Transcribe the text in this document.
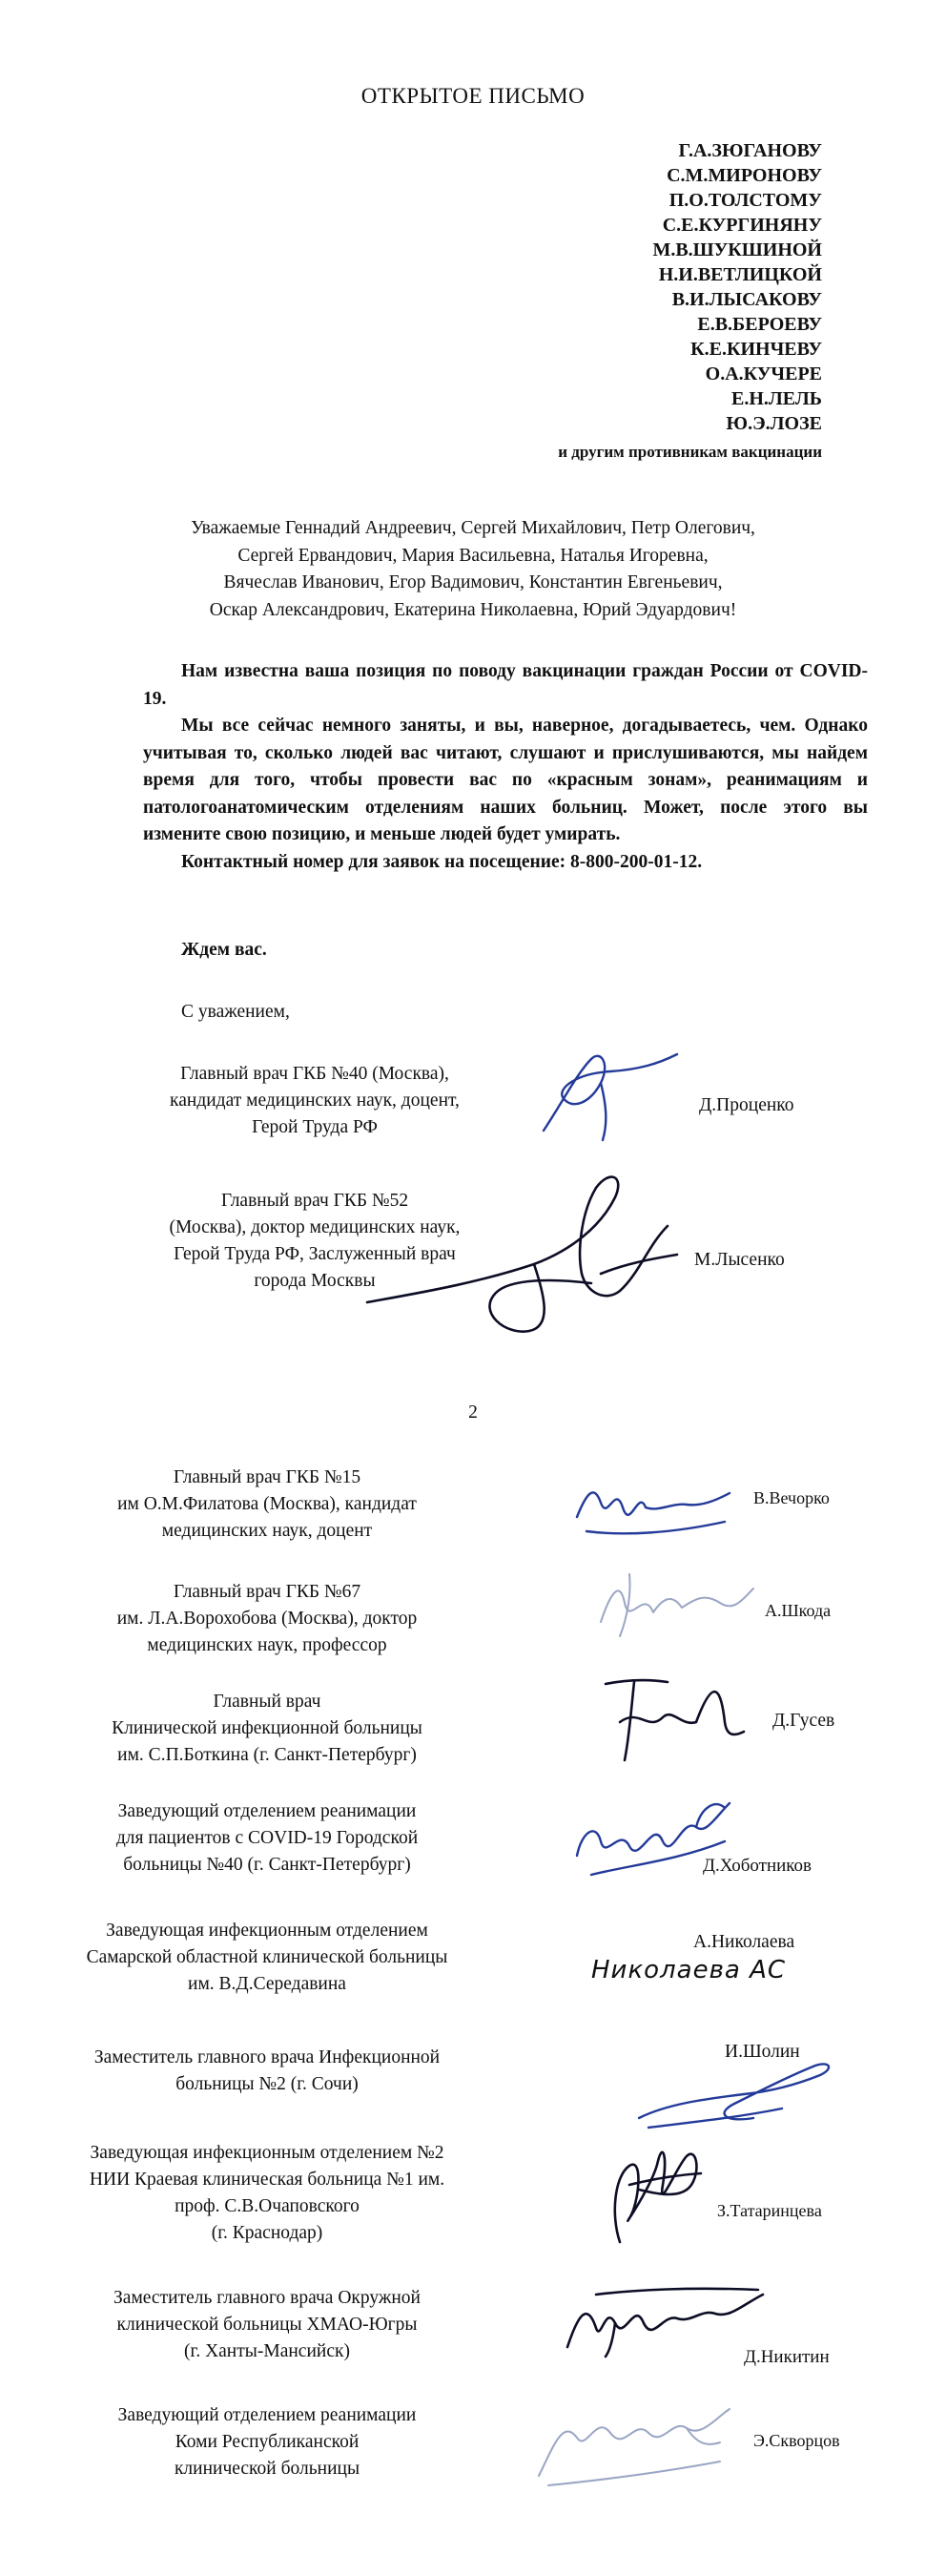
ОТКРЫТОЕ ПИСЬМО
Г.А.ЗЮГАНОВУ
С.М.МИРОНОВУ
П.О.ТОЛСТОМУ
С.Е.КУРГИНЯНУ
М.В.ШУКШИНОЙ
Н.И.ВЕТЛИЦКОЙ
В.И.ЛЫСАКОВУ
Е.В.БЕРОЕВУ
К.Е.КИНЧЕВУ
О.А.КУЧЕРЕ
Е.Н.ЛЕЛЬ
Ю.Э.ЛОЗЕ
и другим противникам вакцинации
Уважаемые Геннадий Андреевич, Сергей Михайлович, Петр Олегович,
Сергей Ервандович, Мария Васильевна, Наталья Игоревна,
Вячеслав Иванович, Егор Вадимович, Константин Евгеньевич,
Оскар Александрович, Екатерина Николаевна, Юрий Эдуардович!

Нам известна ваша позиция по поводу вакцинации граждан России от COVID-19.

Мы все сейчас немного заняты, и вы, наверное, догадываетесь, чем. Однако учитывая то, сколько людей вас читают, слушают и прислушиваются, мы найдем время для того, чтобы провести вас по «красным зонам», реанимациям и патологоанатомическим отделениям наших больниц. Может, после этого вы измените свою позицию, и меньше людей будет умирать.

Контактный номер для заявок на посещение: 8-800-200-01-12.

Ждем вас.
С уважением,
Главный врач ГКБ №40 (Москва),
кандидат медицинских наук, доцент,
Герой Труда РФ
Д.Проценко
Главный врач ГКБ №52
(Москва), доктор медицинских наук,
Герой Труда РФ, Заслуженный врач
города Москвы
М.Лысенко
2
Главный врач ГКБ №15
им О.М.Филатова (Москва), кандидат
медицинских наук, доцент
В.Вечорко
Главный врач ГКБ №67
им. Л.А.Ворохобова (Москва), доктор
медицинских наук, профессор
А.Шкода
Главный врач
Клинической инфекционной больницы
им. С.П.Боткина (г. Санкт-Петербург)
Д.Гусев
Заведующий отделением реанимации
для пациентов с COVID-19 Городской
больницы №40 (г. Санкт-Петербург)	Д.Хоботников
Заведующая инфекционным отделением
Самарской областной клинической больницы
им. В.Д.Середавина
А.Николаева
Николаева АС
Заместитель главного врача Инфекционной
больницы №2 (г. Сочи)
И.Шолин
Заведующая инфекционным отделением №2
НИИ Краевая клиническая больница №1 им.
проф. С.В.Очаповского
(г. Краснодар)
З.Татаринцева
Заместитель главного врача Окружной
клинической больницы ХМАО-Югры
(г. Ханты-Мансийск)	Д.Никитин
Заведующий отделением реанимации
Коми Республиканской
клинической больницы
Э.Скворцов
